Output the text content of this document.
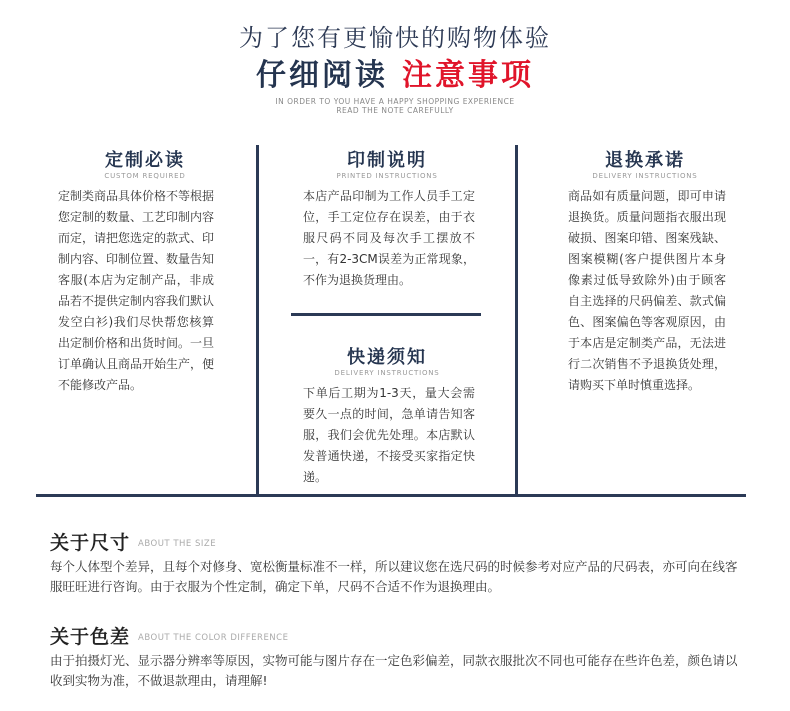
为了您有更愉快的购物体验
仔细阅读 注意事项
IN ORDER TO YOU HAVE A HAPPY SHOPPING EXPERIENCE
READ THE NOTE CAREFULLY
定制必读
CUSTOM REQUIRED
定制类商品具体价格不等根据您定制的数量、工艺印制内容而定，请把您选定的款式、印制内容、印制位置、数量告知客服(本店为定制产品，非成品若不提供定制内容我们默认发空白衫)我们尽快帮您核算出定制价格和出货时间。一旦订单确认且商品开始生产，便不能修改产品。
印制说明
PRINTED INSTRUCTIONS
本店产品印制为工作人员手工定位，手工定位存在误差，由于衣服尺码不同及每次手工摆放不一，有2-3CM误差为正常现象，不作为退换货理由。
快递须知
DELIVERY INSTRUCTIONS
下单后工期为1-3天，量大会需要久一点的时间，急单请告知客服，我们会优先处理。本店默认发普通快递，不接受买家指定快递。
退换承诺
DELIVERY INSTRUCTIONS
商品如有质量问题，即可申请退换货。质量问题指衣服出现破损、图案印错、图案残缺、图案模糊(客户提供图片本身像素过低导致除外)由于顾客自主选择的尺码偏差、款式偏色、图案偏色等客观原因，由于本店是定制类产品，无法进行二次销售不予退换货处理，请购买下单时慎重选择。
关于尺寸 ABOUT THE SIZE
每个人体型个差异，且每个对修身、宽松衡量标准不一样，所以建议您在选尺码的时候参考对应产品的尺码表，亦可向在线客服旺旺进行咨询。由于衣服为个性定制，确定下单，尺码不合适不作为退换理由。
关于色差 ABOUT THE COLOR DIFFERENCE
由于拍摄灯光、显示器分辨率等原因，实物可能与图片存在一定色彩偏差，同款衣服批次不同也可能存在些许色差，颜色请以收到实物为准，不做退款理由，请理解!
